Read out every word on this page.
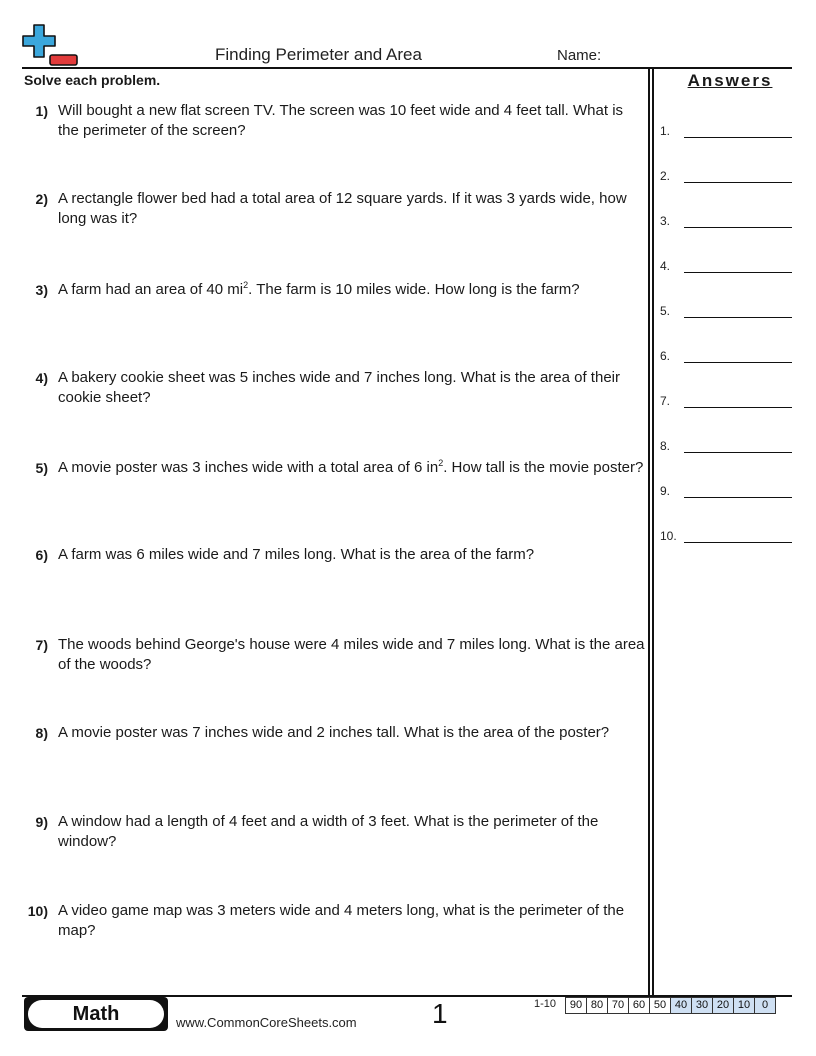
Finding Perimeter and Area	Name:
Solve each problem.
1) Will bought a new flat screen TV. The screen was 10 feet wide and 4 feet tall. What is the perimeter of the screen?
2) A rectangle flower bed had a total area of 12 square yards. If it was 3 yards wide, how long was it?
3) A farm had an area of 40 $mi^2$. The farm is 10 miles wide. How long is the farm?
4) A bakery cookie sheet was 5 inches wide and 7 inches long. What is the area of their cookie sheet?
5) A movie poster was 3 inches wide with a total area of 6 $in^2$. How tall is the movie poster?
6) A farm was 6 miles wide and 7 miles long. What is the area of the farm?
7) The woods behind George's house were 4 miles wide and 7 miles long. What is the area of the woods?
8) A movie poster was 7 inches wide and 2 inches tall. What is the area of the poster?
9) A window had a length of 4 feet and a width of 3 feet. What is the perimeter of the window?
10) A video game map was 3 meters wide and 4 meters long, what is the perimeter of the map?
Answers
1.
2.
3.
4.
5.
6.
7.
8.
9.
10.
Math	www.CommonCoreSheets.com	1	1-10	90 80 70 60 50 40 30 20 10	0
